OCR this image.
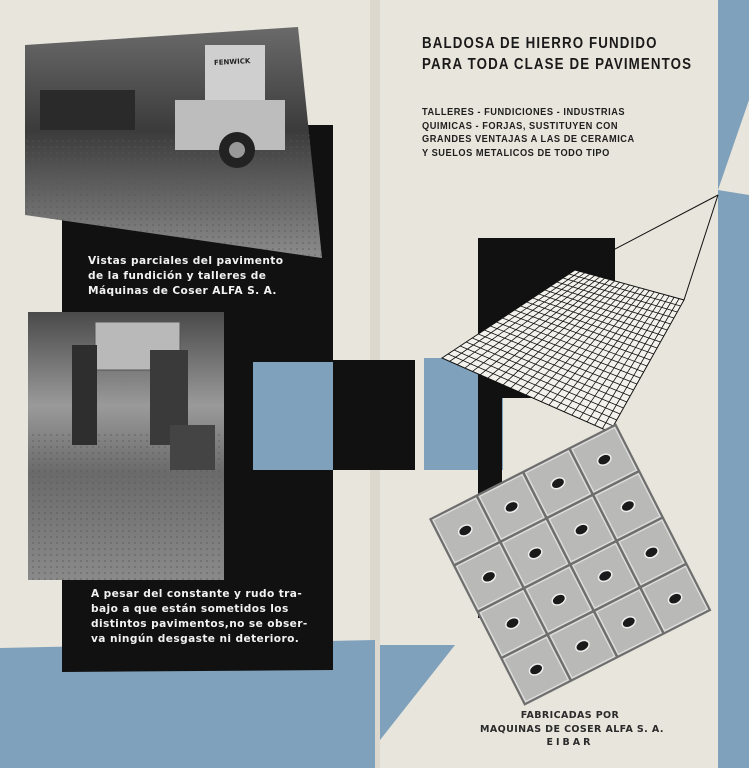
FENWICK
BALDOSA DE HIERRO FUNDIDO
PARA TODA CLASE DE PAVIMENTOS
TALLERES - FUNDICIONES - INDUSTRIAS
QUIMICAS - FORJAS, SUSTITUYEN CON
GRANDES VENTAJAS A LAS DE CERAMICA
Y SUELOS METALICOS DE TODO TIPO
Vistas parciales del pavimento
de la fundición y talleres de
Máquinas de Coser ALFA S. A.
A pesar del constante y rudo tra-
bajo a que están sometidos los
distintos pavimentos,no se obser-
va ningún desgaste ni deterioro.
FABRICADAS POR
MAQUINAS DE COSER ALFA S. A.
EIBAR
